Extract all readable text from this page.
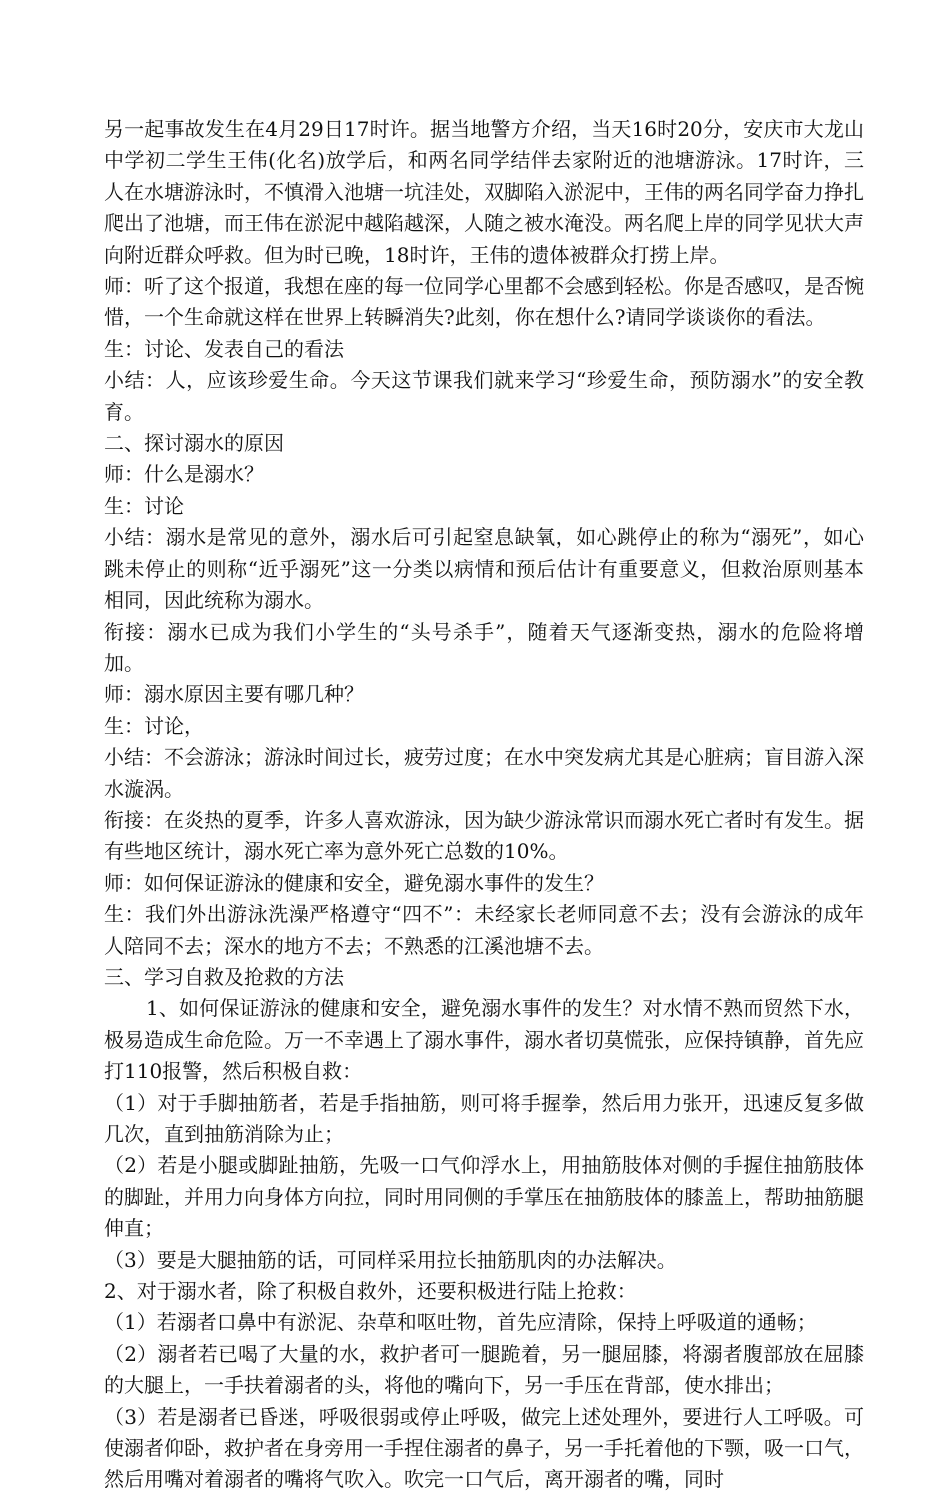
另一起事故发生在4月29日17时许。据当地警方介绍，当天16时20分，安庆市大龙山中学初二学生王伟(化名)放学后，和两名同学结伴去家附近的池塘游泳。17时许，三人在水塘游泳时，不慎滑入池塘一坑洼处，双脚陷入淤泥中，王伟的两名同学奋力挣扎爬出了池塘，而王伟在淤泥中越陷越深，人随之被水淹没。两名爬上岸的同学见状大声向附近群众呼救。但为时已晚，18时许，王伟的遗体被群众打捞上岸。

师：听了这个报道，我想在座的每一位同学心里都不会感到轻松。你是否感叹，是否惋惜，一个生命就这样在世界上转瞬消失?此刻，你在想什么?请同学谈谈你的看法。

生：讨论、发表自己的看法

小结：人，应该珍爱生命。今天这节课我们就来学习“珍爱生命，预防溺水”的安全教育。

二、探讨溺水的原因

师：什么是溺水？

生：讨论

小结：溺水是常见的意外，溺水后可引起窒息缺氧，如心跳停止的称为“溺死”，如心跳未停止的则称“近乎溺死”这一分类以病情和预后估计有重要意义，但救治原则基本相同，因此统称为溺水。

衔接：溺水已成为我们小学生的“头号杀手”，随着天气逐渐变热，溺水的危险将增加。

师：溺水原因主要有哪几种？

生：讨论，

小结：不会游泳；游泳时间过长，疲劳过度；在水中突发病尤其是心脏病；盲目游入深水漩涡。

衔接：在炎热的夏季，许多人喜欢游泳，因为缺少游泳常识而溺水死亡者时有发生。据有些地区统计，溺水死亡率为意外死亡总数的10%。

师：如何保证游泳的健康和安全，避免溺水事件的发生？

生：我们外出游泳洗澡严格遵守“四不”：未经家长老师同意不去；没有会游泳的成年人陪同不去；深水的地方不去；不熟悉的江溪池塘不去。

三、学习自救及抢救的方法

1、如何保证游泳的健康和安全，避免溺水事件的发生？对水情不熟而贸然下水，极易造成生命危险。万一不幸遇上了溺水事件，溺水者切莫慌张，应保持镇静，首先应打110报警，然后积极自救：

（1）对于手脚抽筋者，若是手指抽筋，则可将手握拳，然后用力张开，迅速反复多做几次，直到抽筋消除为止；

（2）若是小腿或脚趾抽筋，先吸一口气仰浮水上，用抽筋肢体对侧的手握住抽筋肢体的脚趾，并用力向身体方向拉，同时用同侧的手掌压在抽筋肢体的膝盖上，帮助抽筋腿伸直；

（3）要是大腿抽筋的话，可同样采用拉长抽筋肌肉的办法解决。

2、对于溺水者，除了积极自救外，还要积极进行陆上抢救：

（1）若溺者口鼻中有淤泥、杂草和呕吐物，首先应清除，保持上呼吸道的通畅；

（2）溺者若已喝了大量的水，救护者可一腿跪着，另一腿屈膝，将溺者腹部放在屈膝的大腿上，一手扶着溺者的头，将他的嘴向下，另一手压在背部，使水排出；

（3）若是溺者已昏迷，呼吸很弱或停止呼吸，做完上述处理外，要进行人工呼吸。可使溺者仰卧，救护者在身旁用一手捏住溺者的鼻子，另一手托着他的下颚，吸一口气，然后用嘴对着溺者的嘴将气吹入。吹完一口气后，离开溺者的嘴，同时
